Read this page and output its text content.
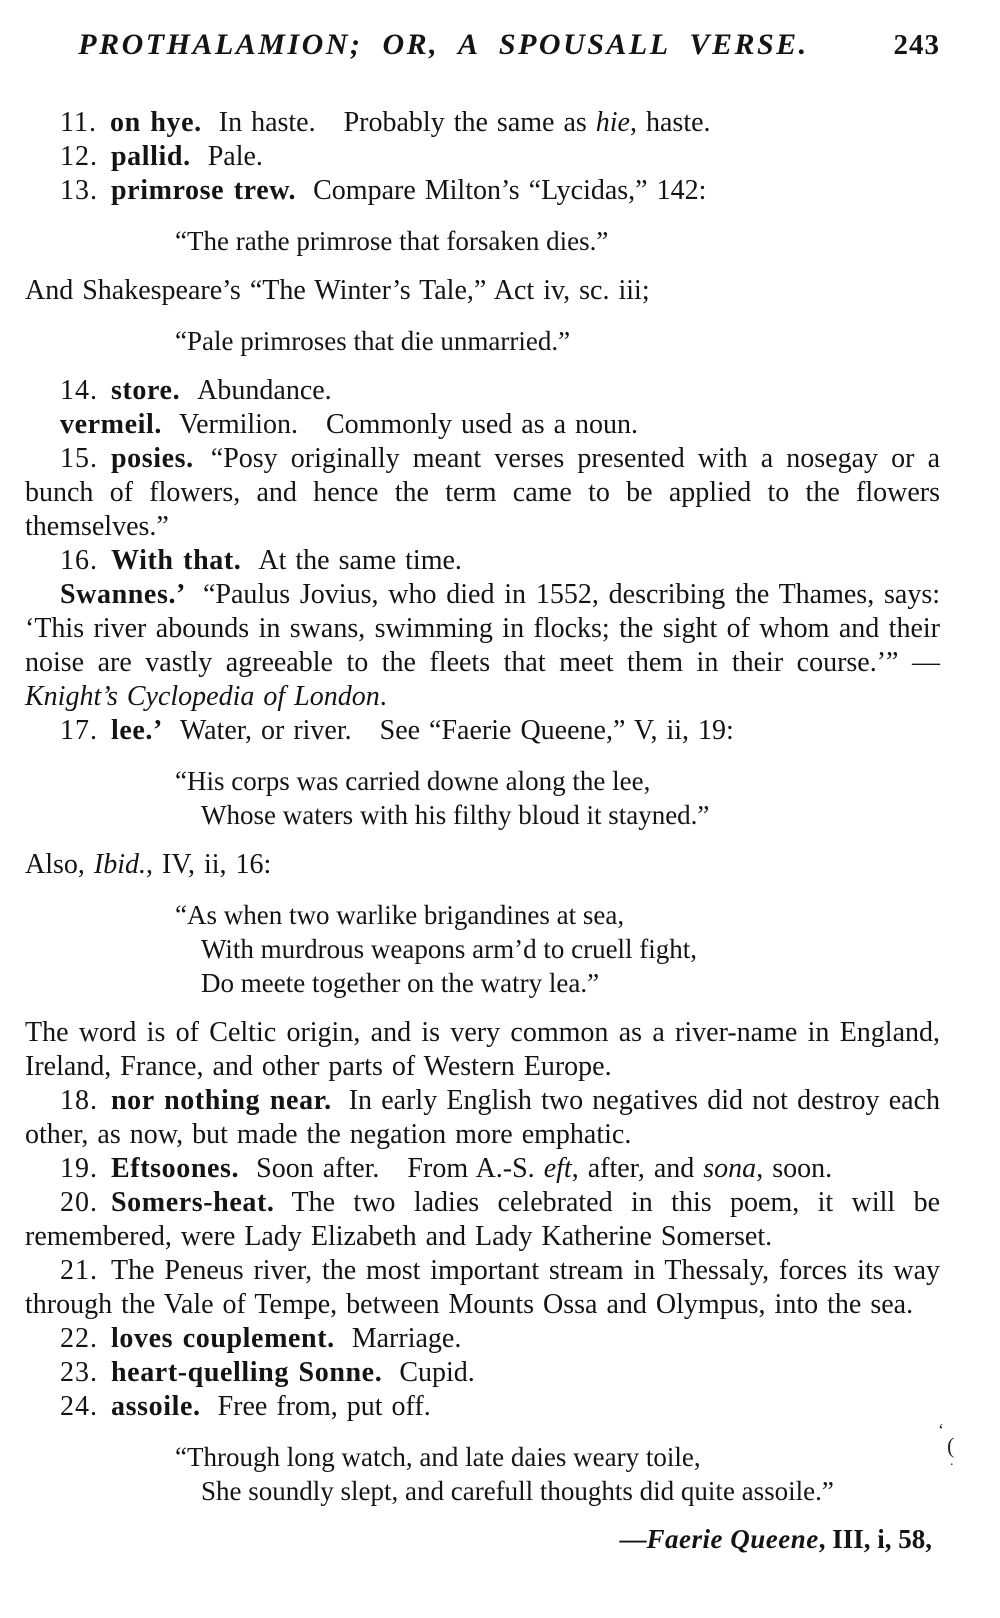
PROTHALAMION; OR, A SPOUSALL VERSE.	243
11. on hye. In haste. Probably the same as hie, haste.
12. pallid. Pale.
13. primrose trew. Compare Milton’s “Lycidas,” 142:
“The rathe primrose that forsaken dies.”
And Shakespeare’s “The Winter’s Tale,” Act iv, sc. iii;
“Pale primroses that die unmarried.”
14. store. Abundance.
vermeil. Vermilion. Commonly used as a noun.
15. posies. “Posy originally meant verses presented with a nosegay or a bunch of flowers, and hence the term came to be applied to the flowers themselves.”
16. With that. At the same time.
Swannes.ʼ “Paulus Jovius, who died in 1552, describing the Thames, says: ‘This river abounds in swans, swimming in flocks; the sight of whom and their noise are vastly agreeable to the fleets that meet them in their course.’” — Knight’s Cyclopedia of London.
17. lee.ʼ Water, or river. See “Faerie Queene,” V, ii, 19:
“His corps was carried downe along the lee,
Whose waters with his filthy bloud it stayned.”
Also, Ibid., IV, ii, 16:
“As when two warlike brigandines at sea,
With murdrous weapons arm’d to cruell fight,
Do meete together on the watry lea.”
The word is of Celtic origin, and is very common as a river-name in England, Ireland, France, and other parts of Western Europe.
18. nor nothing near. In early English two negatives did not destroy each other, as now, but made the negation more emphatic.
19. Eftsoones. Soon after. From A.-S. eft, after, and sona, soon.
20. Somers-heat. The two ladies celebrated in this poem, it will be remembered, were Lady Elizabeth and Lady Katherine Somerset.
21. The Peneus river, the most important stream in Thessaly, forces its way through the Vale of Tempe, between Mounts Ossa and Olympus, into the sea.
22. loves couplement. Marriage.
23. heart-quelling Sonne. Cupid.
24. assoile. Free from, put off.
“Through long watch, and late daies weary toile,
She soundly slept, and carefull thoughts did quite assoile.”
—Faerie Queene, III, i, 58,
ʻ
(
.
